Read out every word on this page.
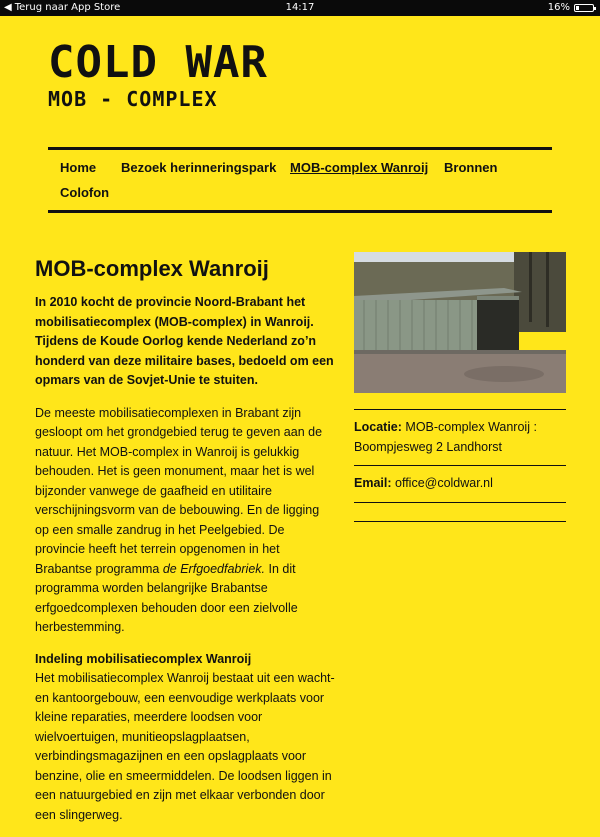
◀ Terug naar App Store	14:17	16%
COLD WAR
MOB - COMPLEX
Home Bezoek herinneringspark MOB-complex Wanroij Bronnen
Colofon
MOB-complex Wanroij

In 2010 kocht de provincie Noord-Brabant het mobilisatiecomplex (MOB-complex) in Wanroij. Tijdens de Koude Oorlog kende Nederland zo’n honderd van deze militaire bases, bedoeld om een opmars van de Sovjet-Unie te stuiten.

De meeste mobilisatiecomplexen in Brabant zijn gesloopt om het grondgebied terug te geven aan de natuur. Het MOB-complex in Wanroij is gelukkig behouden. Het is geen monument, maar het is wel bijzonder vanwege de gaafheid en utilitaire verschijningsvorm van de bebouwing. En de ligging op een smalle zandrug in het Peelgebied. De provincie heeft het terrein opgenomen in het Brabantse programma de Erfgoedfabriek. In dit programma worden belangrijke Brabantse erfgoedcomplexen behouden door een zielvolle herbestemming.

Indeling mobilisatiecomplex Wanroij

Het mobilisatiecomplex Wanroij bestaat uit een wacht- en kantoorgebouw, een eenvoudige werkplaats voor kleine reparaties, meerdere loodsen voor wielvoertuigen, munitieopslagplaatsen, verbindingsmagazijnen en een opslagplaats voor benzine, olie en smeermiddelen. De loodsen liggen in een natuurgebied en zijn met elkaar verbonden door een slingerweg.

Locatie: MOB-complex Wanroij : Boompjesweg 2 Landhorst
Email: office@coldwar.nl
